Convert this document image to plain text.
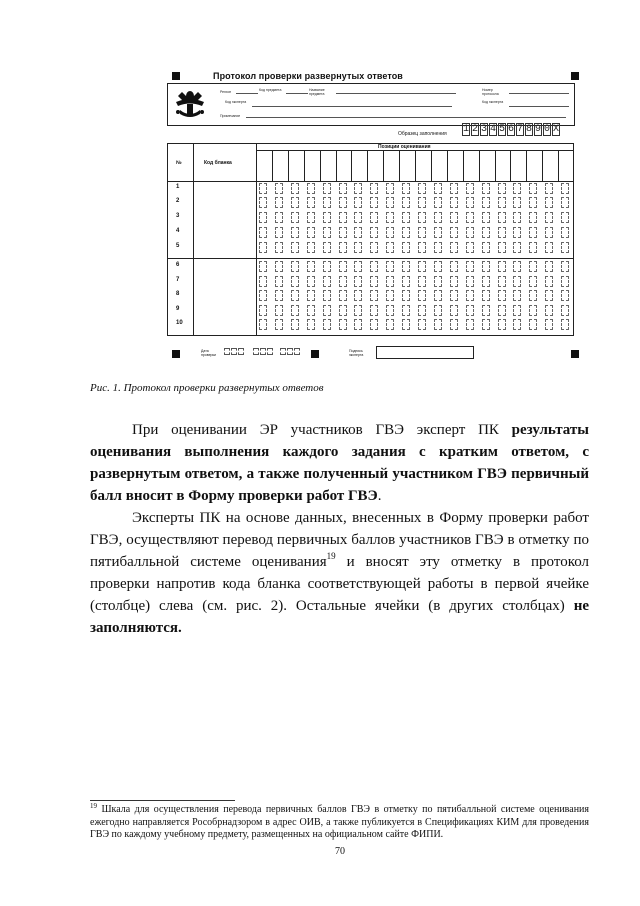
Протокол проверки развернутых ответов
Регион	Код предмета	Название предмета
Номер протокола
Код эксперта	Код эксперта
Примечание
Образец заполнения 1 2 3 4 5 6 7 8 9 0 X
№	Код бланка
Позиции оценивания
1
2
3
4
5
6
7
8
9
10
Дата проверки
Подпись эксперта
Рис. 1. Протокол проверки развернутых ответов

При оценивании ЭР участников ГВЭ эксперт ПК результаты оценивания выполнения каждого задания с кратким ответом, с развернутым ответом, а также полученный участником ГВЭ первичный балл вносит в Форму проверки работ ГВЭ.

Эксперты ПК на основе данных, внесенных в Форму проверки работ ГВЭ, осуществляют перевод первичных баллов участников ГВЭ в отметку по пятибалльной системе оценивания$^{19}$ и вносят эту отметку в протокол проверки напротив кода бланка соответствующей работы в первой ячейке (столбце) слева (см. рис. 2). Остальные ячейки (в других столбцах) не заполняются.

$^{19}$ Шкала для осуществления перевода первичных баллов ГВЭ в отметку по пятибалльной системе оценивания ежегодно направляется Рособрнадзором в адрес ОИВ, а также публикуется в Спецификациях КИМ для проведения ГВЭ по каждому учебному предмету, размещенных на официальном сайте ФИПИ.
70
